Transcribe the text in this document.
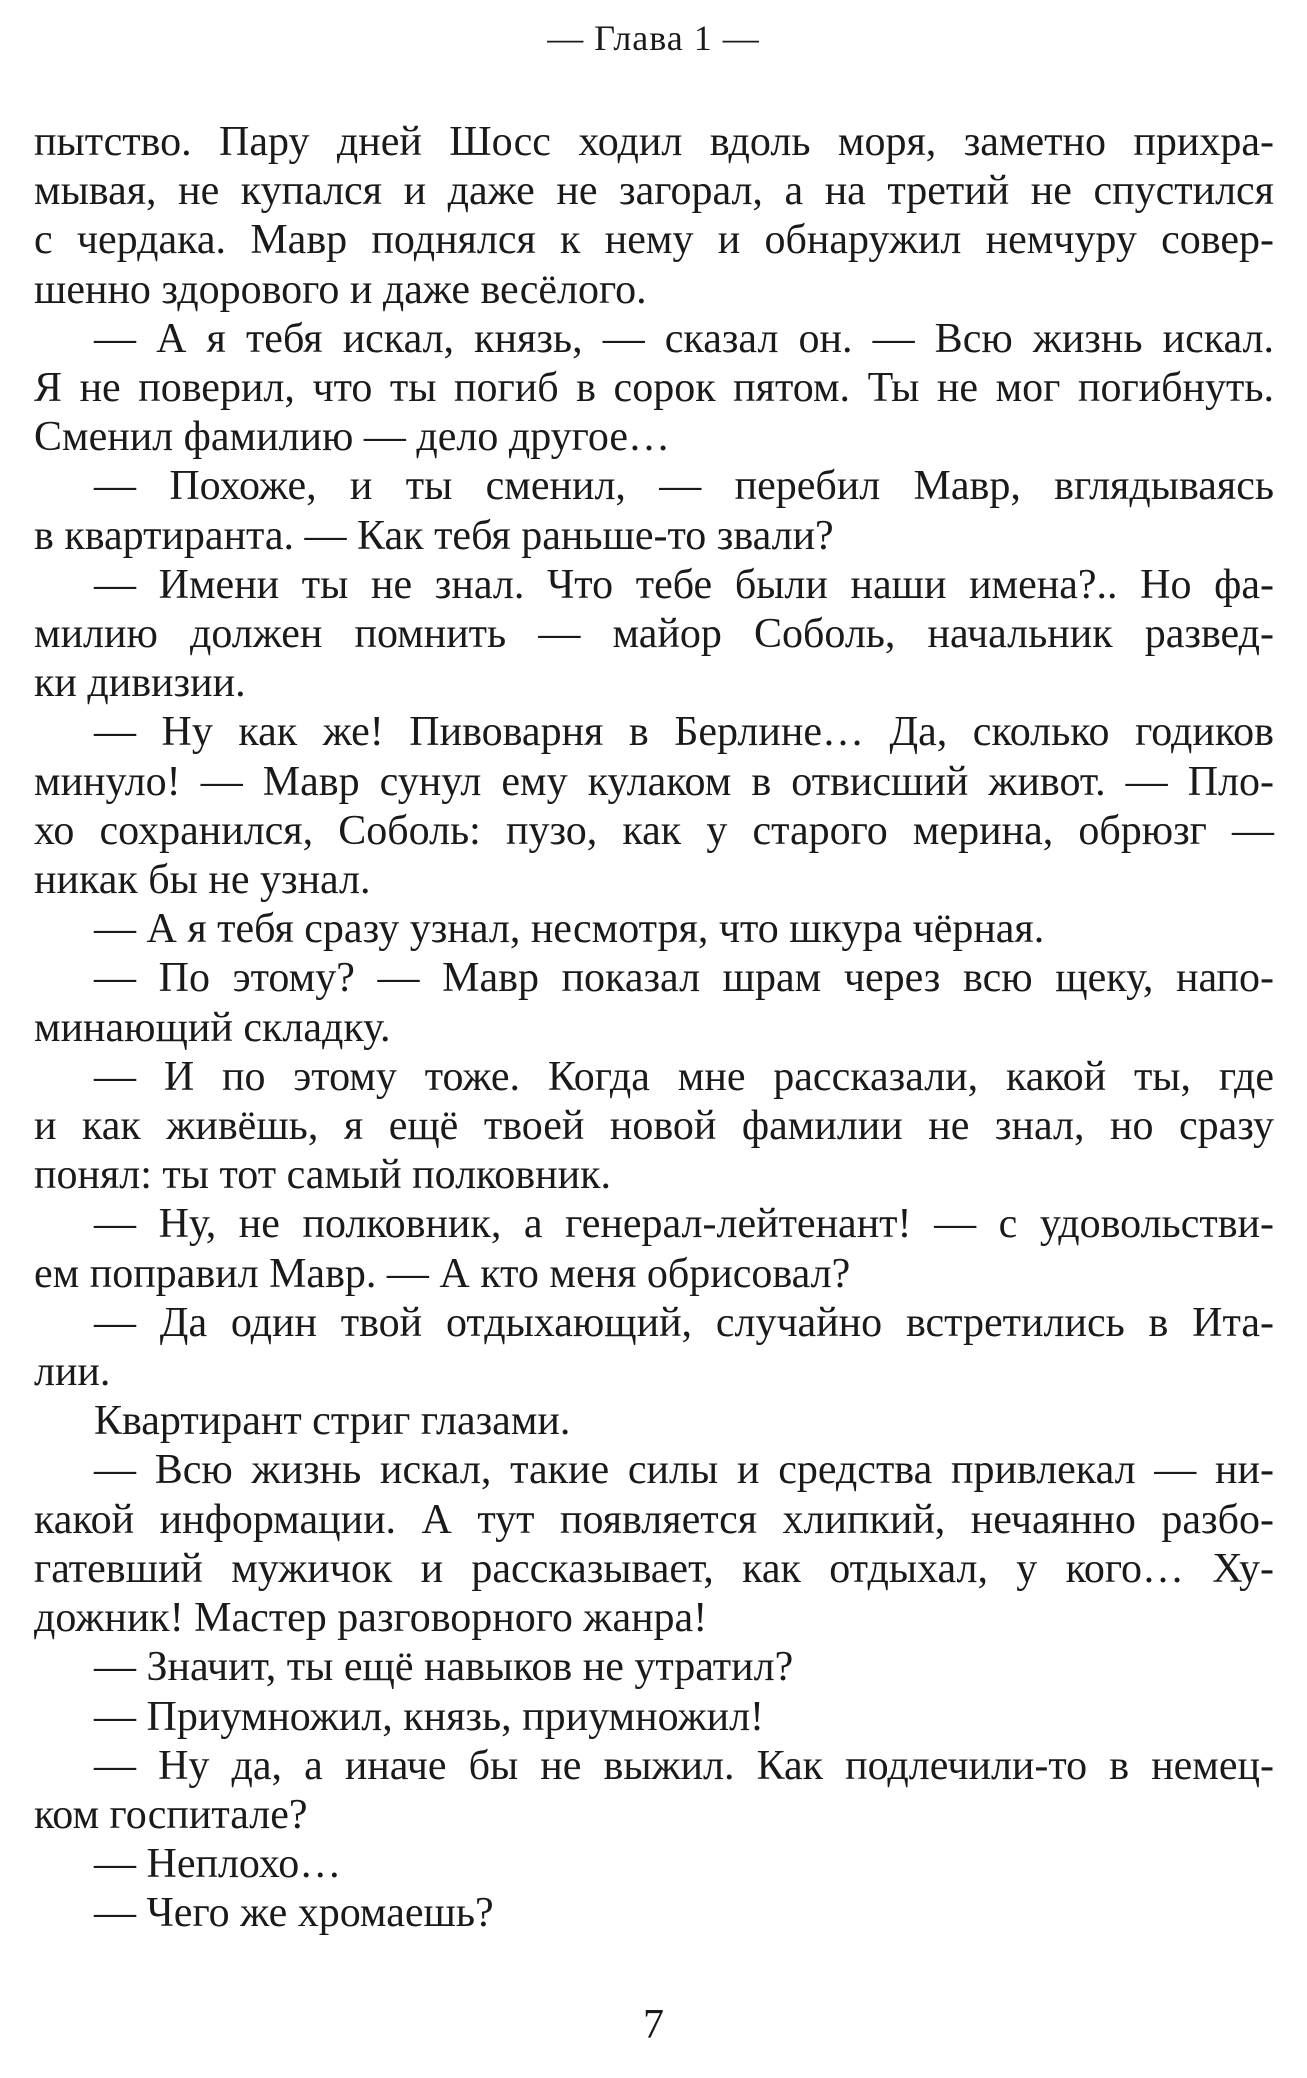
— Глава 1 —
пытство. Пару дней Шосс ходил вдоль моря, заметно прихра-
мывая, не купался и даже не загорал, а на третий не спустился
с чердака. Мавр поднялся к нему и обнаружил немчуру совер-
шенно здорового и даже весёлого.
— А я тебя искал, князь, — сказал он. — Всю жизнь искал.
Я не поверил, что ты погиб в сорок пятом. Ты не мог погибнуть.
Сменил фамилию — дело другое…
— Похоже, и ты сменил, — перебил Мавр, вглядываясь
в квартиранта. — Как тебя раньше-то звали?
— Имени ты не знал. Что тебе были наши имена?.. Но фа-
милию должен помнить — майор Соболь, начальник развед-
ки дивизии.
— Ну как же! Пивоварня в Берлине… Да, сколько годиков
минуло! — Мавр сунул ему кулаком в отвисший живот. — Пло-
хо сохранился, Соболь: пузо, как у старого мерина, обрюзг —
никак бы не узнал.
— А я тебя сразу узнал, несмотря, что шкура чёрная.
— По этому? — Мавр показал шрам через всю щеку, напо-
минающий складку.
— И по этому тоже. Когда мне рассказали, какой ты, где
и как живёшь, я ещё твоей новой фамилии не знал, но сразу
понял: ты тот самый полковник.
— Ну, не полковник, а генерал-лейтенант! — с удовольстви-
ем поправил Мавр. — А кто меня обрисовал?
— Да один твой отдыхающий, случайно встретились в Ита-
лии.
Квартирант стриг глазами.
— Всю жизнь искал, такие силы и средства привлекал — ни-
какой информации. А тут появляется хлипкий, нечаянно разбо-
гатевший мужичок и рассказывает, как отдыхал, у кого… Ху-
дожник! Мастер разговорного жанра!
— Значит, ты ещё навыков не утратил?
— Приумножил, князь, приумножил!
— Ну да, а иначе бы не выжил. Как подлечили-то в немец-
ком госпитале?
— Неплохо…
— Чего же хромаешь?
7
